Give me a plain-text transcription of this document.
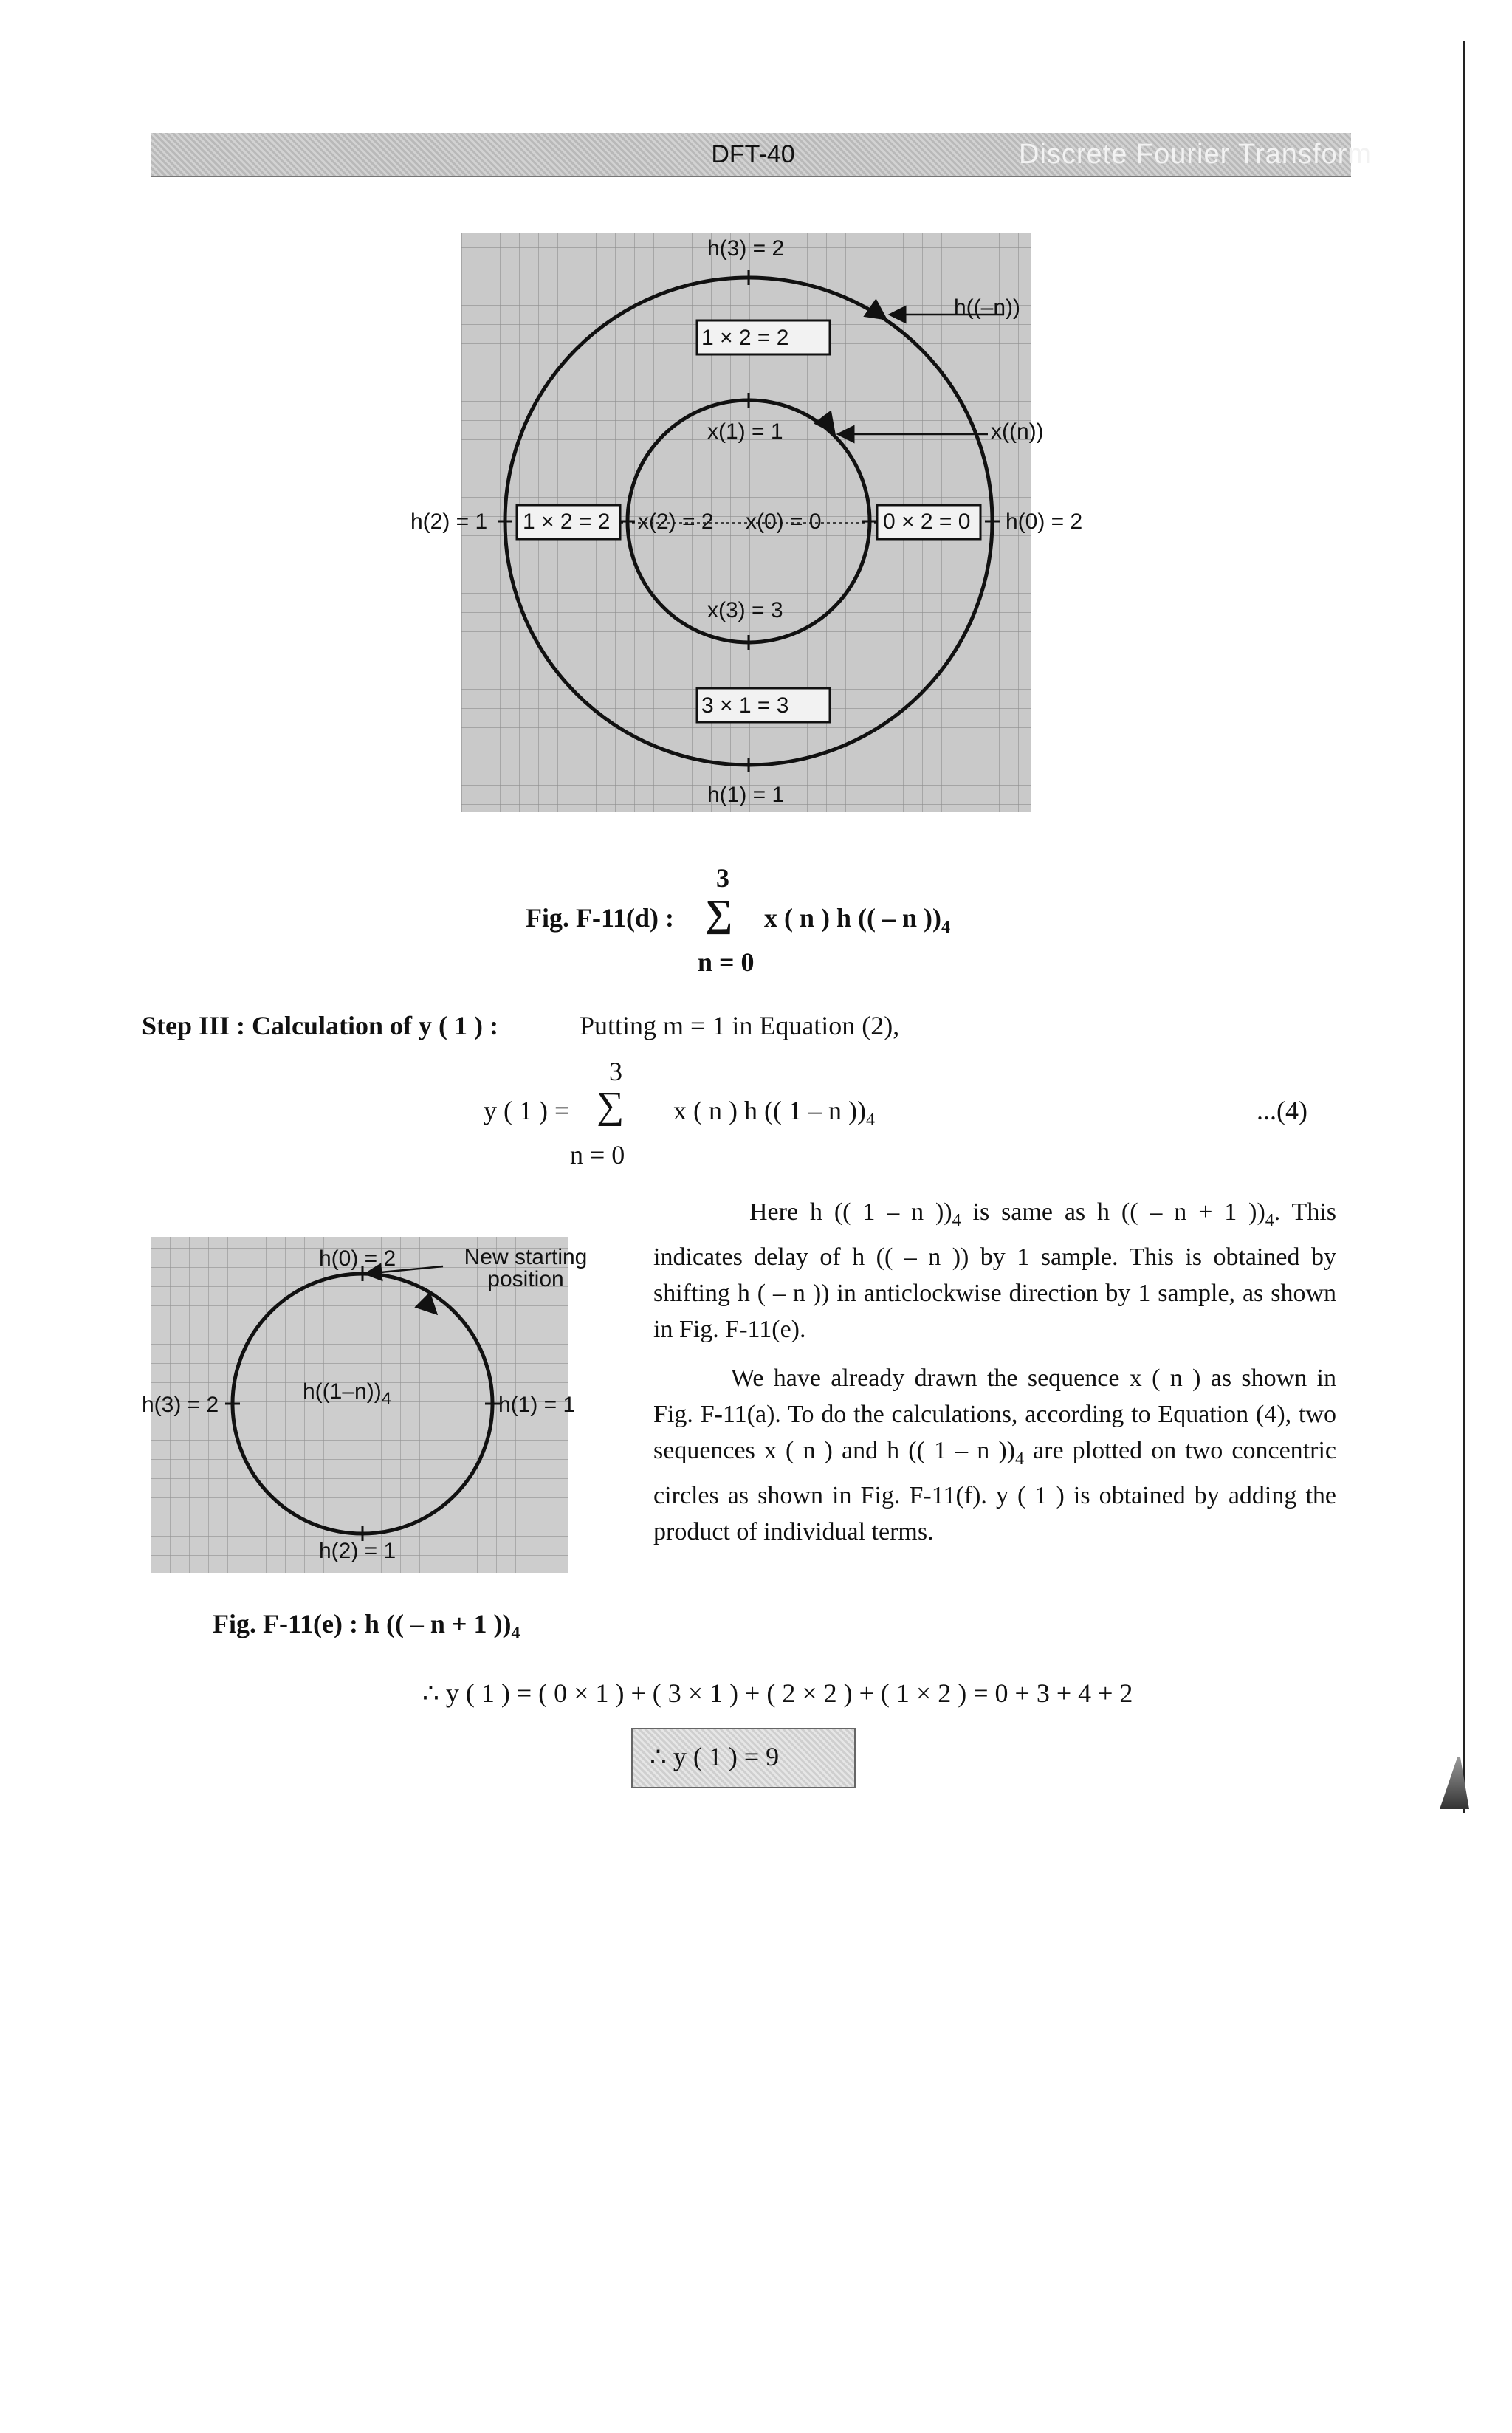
DFT-40	Discrete Fourier Transform
h(3) = 2
h((–n))
1 × 2 = 2
x(1) = 1	x((n))
h(2) = 1 1 × 2 = 2 x(2) = 2 x(0) = 0	0 × 2 = 0 h(0) = 2
x(3) = 3
3 × 1 = 3
h(1) = 1
3
Fig. F-11(d) : ∑ x ( n ) h (( – n ))$_4$
n = 0
Step III : Calculation of y ( 1 ) :	Putting m = 1 in Equation (2),
3
y ( 1 ) = ∑ x ( n ) h (( 1 – n ))$_4$
n = 0
...(4)
h(0) = 2	New starting position
h(3) = 2
$h((1-n))_4$	h(1) = 1
h(2) = 1
Fig. F-11(e) : h (( – n + 1 ))$_4$
Here h (( 1 – n ))$_4$ is same as h (( – n + 1 ))$_4$. This indicates delay of h (( – n )) by 1 sample. This is obtained by shifting h ( – n )) in anticlockwise direction by 1 sample, as shown in Fig. F-11(e).
We have already drawn the sequence x ( n ) as shown in Fig. F-11(a). To do the calculations, according to Equation (4), two sequences x ( n ) and h (( 1 – n ))$_4$ are plotted on two concentric circles as shown in Fig. F-11(f). y ( 1 ) is obtained by adding the product of individual terms.
∴ y ( 1 ) = ( 0 × 1 ) + ( 3 × 1 ) + ( 2 × 2 ) + ( 1 × 2 ) = 0 + 3 + 4 + 2
∴ y ( 1 ) = 9
